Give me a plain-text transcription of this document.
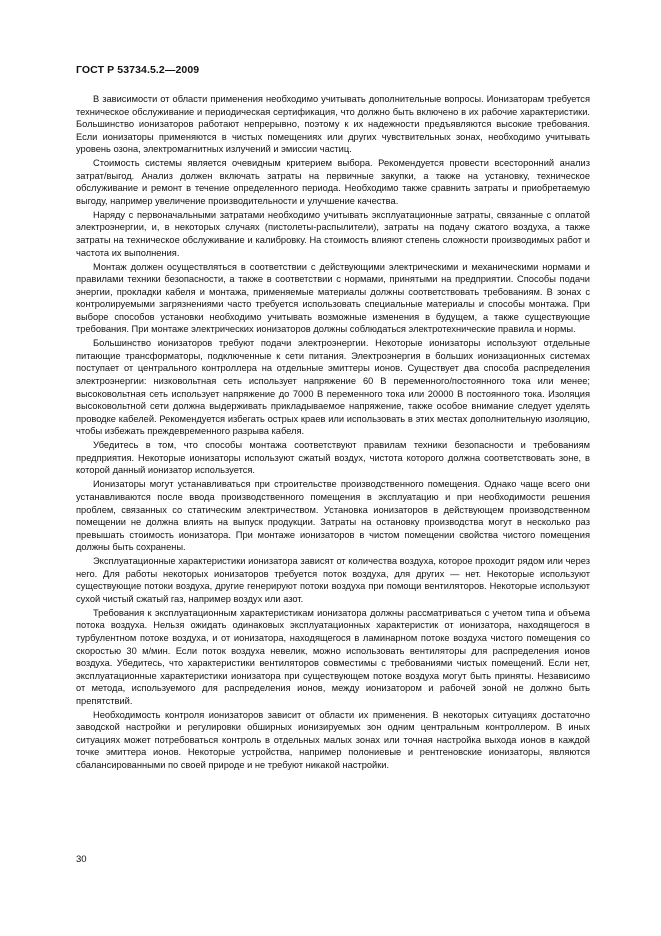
ГОСТ Р 53734.5.2—2009

В зависимости от области применения необходимо учитывать дополнительные вопросы. Ионизаторам требуется техническое обслуживание и периодическая сертификация, что должно быть включено в их рабочие характеристики. Большинство ионизаторов работают непрерывно, поэтому к их надежности предъявляются высокие требования. Если ионизаторы применяются в чистых помещениях или других чувствительных зонах, необходимо учитывать уровень озона, электромагнитных излучений и эмиссии частиц.

Стоимость системы является очевидным критерием выбора. Рекомендуется провести всесторонний анализ затрат/выгод. Анализ должен включать затраты на первичные закупки, а также на установку, техническое обслуживание и ремонт в течение определенного периода. Необходимо также сравнить затраты и приобретаемую выгоду, например увеличение производительности и улучшение качества.

Наряду с первоначальными затратами необходимо учитывать эксплуатационные затраты, связанные с оплатой электроэнергии, и, в некоторых случаях (пистолеты-распылители), затраты на подачу сжатого воздуха, а также затраты на техническое обслуживание и калибровку. На стоимость влияют степень сложности производимых работ и частота их выполнения.

Монтаж должен осуществляться в соответствии с действующими электрическими и механическими нормами и правилами техники безопасности, а также в соответствии с нормами, принятыми на предприятии. Способы подачи энергии, прокладки кабеля и монтажа, применяемые материалы должны соответствовать требованиям. В зонах с контролируемыми загрязнениями часто требуется использовать специальные материалы и способы монтажа. При выборе способов установки необходимо учитывать возможные изменения в будущем, а также существующие требования. При монтаже электрических ионизаторов должны соблюдаться электротехнические правила и нормы.

Большинство ионизаторов требуют подачи электроэнергии. Некоторые ионизаторы используют отдельные питающие трансформаторы, подключенные к сети питания. Электроэнергия в больших ионизационных системах поступает от центрального контроллера на отдельные эмиттеры ионов. Существует два способа распределения электроэнергии: низковольтная сеть использует напряжение 60 В переменного/постоянного тока или менее; высоковольтная сеть использует напряжение до 7000 В переменного тока или 20000 В постоянного тока. Изоляция высоковольтной сети должна выдерживать прикладываемое напряжение, также особое внимание следует уделять проводке кабелей. Рекомендуется избегать острых краев или использовать в этих местах дополнительную изоляцию, чтобы избежать преждевременного разрыва кабеля.

Убедитесь в том, что способы монтажа соответствуют правилам техники безопасности и требованиям предприятия. Некоторые ионизаторы используют сжатый воздух, чистота которого должна соответствовать зоне, в которой данный ионизатор используется.

Ионизаторы могут устанавливаться при строительстве производственного помещения. Однако чаще всего они устанавливаются после ввода производственного помещения в эксплуатацию и при необходимости решения проблем, связанных со статическим электричеством. Установка ионизаторов в действующем производственном помещении не должна влиять на выпуск продукции. Затраты на остановку производства могут в несколько раз превышать стоимость ионизатора. При монтаже ионизаторов в чистом помещении свойства чистого помещения должны быть сохранены.

Эксплуатационные характеристики ионизатора зависят от количества воздуха, которое проходит рядом или через него. Для работы некоторых ионизаторов требуется поток воздуха, для других — нет. Некоторые используют существующие потоки воздуха, другие генерируют потоки воздуха при помощи вентиляторов. Некоторые используют сухой чистый сжатый газ, например воздух или азот.

Требования к эксплуатационным характеристикам ионизатора должны рассматриваться с учетом типа и объема потока воздуха. Нельзя ожидать одинаковых эксплуатационных характеристик от ионизатора, находящегося в турбулентном потоке воздуха, и от ионизатора, находящегося в ламинарном потоке воздуха чистого помещения со скоростью 30 м/мин. Если поток воздуха невелик, можно использовать вентиляторы для распределения ионов воздуха. Убедитесь, что характеристики вентиляторов совместимы с требованиями чистых помещений. Если нет, эксплуатационные характеристики ионизатора при существующем потоке воздуха могут быть приняты. Независимо от метода, используемого для распределения ионов, между ионизатором и рабочей зоной не должно быть препятствий.

Необходимость контроля ионизаторов зависит от области их применения. В некоторых ситуациях достаточно заводской настройки и регулировки обширных ионизируемых зон одним центральным контроллером. В иных ситуациях может потребоваться контроль в отдельных малых зонах или точная настройка выхода ионов в каждой точке эмиттера ионов. Некоторые устройства, например полониевые и рентгеновские ионизаторы, являются сбалансированными по своей природе и не требуют никакой настройки.

30
